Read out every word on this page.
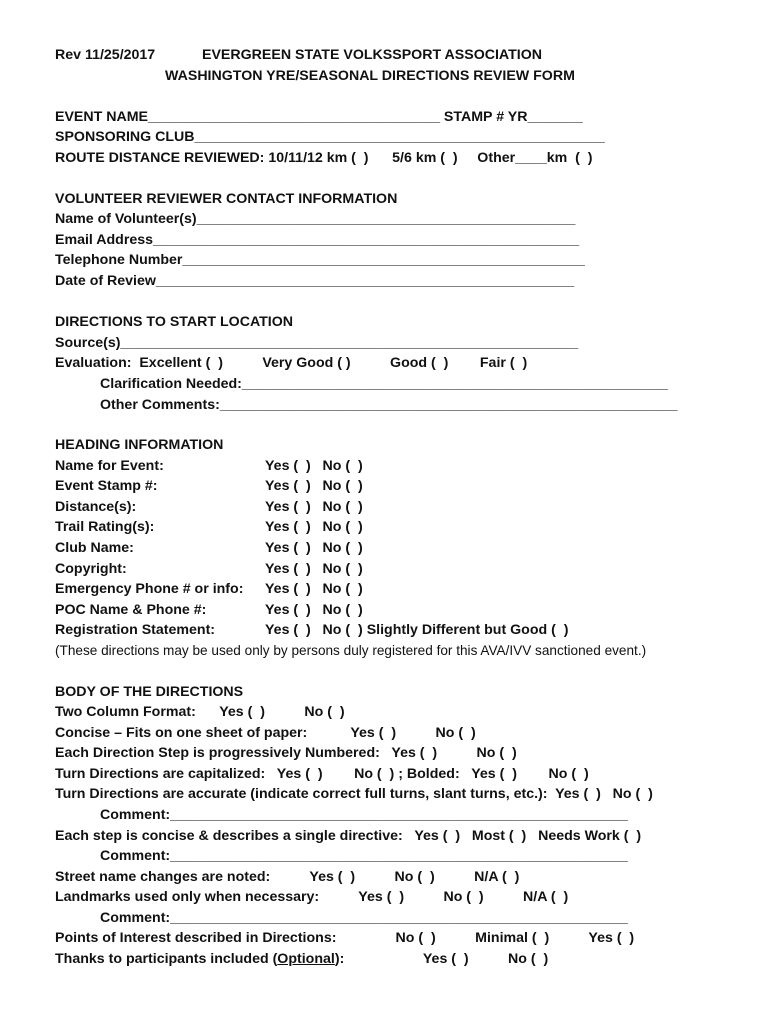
Rev 11/25/2017	EVERGREEN STATE VOLKSSPORT ASSOCIATION
WASHINGTON YRE/SEASONAL DIRECTIONS REVIEW FORM
EVENT NAME_____________________________________ STAMP # YR_______
SPONSORING CLUB____________________________________________________
ROUTE DISTANCE REVIEWED: 10/11/12 km (  )      5/6 km (  )     Other____km  (  )
VOLUNTEER REVIEWER CONTACT INFORMATION
Name of Volunteer(s)________________________________________________
Email Address______________________________________________________
Telephone Number___________________________________________________
Date of Review_____________________________________________________
DIRECTIONS TO START LOCATION
Source(s)__________________________________________________________
Evaluation:  Excellent (  )          Very Good ( )          Good (  )        Fair (  )
Clarification Needed:______________________________________________________
Other Comments:__________________________________________________________
HEADING INFORMATION
Name for Event:	Yes (  )   No (  )
Event Stamp #:	Yes (  )   No (  )
Distance(s):	Yes (  )   No (  )
Trail Rating(s):	Yes (  )   No (  )
Club Name:	Yes (  )   No (  )
Copyright:	Yes (  )   No (  )
Emergency Phone # or info: Yes (  )   No (  )
POC Name & Phone #:	Yes (  )   No (  )
Registration Statement:	Yes (  )   No (  ) Slightly Different but Good (  )
(These directions may be used only by persons duly registered for this AVA/IVV sanctioned event.)
BODY OF THE DIRECTIONS
Two Column Format:      Yes (  )          No (  )
Concise – Fits on one sheet of paper:           Yes (  )          No (  )
Each Direction Step is progressively Numbered:   Yes (  )          No (  )
Turn Directions are capitalized:   Yes (  )        No (  ) ; Bolded:   Yes (  )        No (  )
Turn Directions are accurate (indicate correct full turns, slant turns, etc.):  Yes (  )   No (  )
Comment:__________________________________________________________
Each step is concise & describes a single directive:   Yes (  )   Most (  )   Needs Work (  )
Comment:__________________________________________________________
Street name changes are noted:          Yes (  )          No (  )          N/A (  )
Landmarks used only when necessary:          Yes (  )          No (  )          N/A (  )
Comment:__________________________________________________________
Points of Interest described in Directions:               No (  )          Minimal (  )          Yes (  )
Thanks to participants included (Optional):                    Yes (  )          No (  )
